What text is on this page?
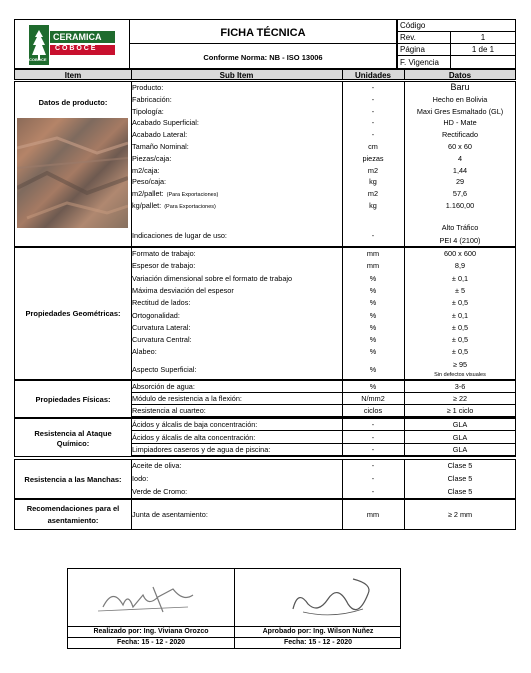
CERAMICA
C O B O C E
COBOCE
FICHA TÉCNICA
Conforme Norma: NB - ISO 13006
Código
Rev.	1
Página	1 de 1
F. Vigencia
Item	Sub Item	Unidades	Datos
Datos de producto:
Producto:	-	Baru
Fabricación:	-	Hecho en Bolivia
Tipología:	-	Maxi Gres Esmaltado (GL)
Acabado Superficial:	-	HD - Mate
Acabado Lateral:	-	Rectificado
Tamaño Nominal:	cm	60 x 60
Piezas/caja:	piezas	4
m2/caja:	m2	1,44
Peso/caja:	kg	29
m2/pallet: (Para Exportaciones)	m2	57,6
kg/pallet: (Para Exportaciones)	kg	1.160,00
Indicaciones de lugar de uso:	-
Alto Tráfico
PEI 4 (2100)
Propiedades Geométricas:
Formato de trabajo:	mm	600 x 600
Espesor de trabajo:	mm	8,9
Variación dimensional sobre el formato de trabajo	%	± 0,1
Máxima desviación del espesor	%	± 5
Rectitud de lados:	%	± 0,5
Ortogonalidad:	%	± 0,1
Curvatura Lateral:	%	± 0,5
Curvatura Central:	%	± 0,5
Alabeo:	%	± 0,5
Aspecto Superficial:	%
≥ 95
Sin defectos visuales
Propiedades Físicas:
Absorción de agua:	%	3-6
Módulo de resistencia a la flexión:	N/mm2	≥ 22
Resistencia al cuarteo:	ciclos	≥ 1 ciclo
Resistencia al Ataque
Químico:
Ácidos y álcalis de baja concentración:	-	GLA
Ácidos y álcalis de alta concentración:	-	GLA
Limpiadores caseros y de agua de piscina:	-	GLA
Resistencia a las Manchas:
Aceite de oliva:	-	Clase 5
Iodo:	-	Clase 5
Verde de Cromo:	-	Clase 5
Recomendaciones para el
asentamiento:
Junta de asentamiento:	mm	≥ 2 mm
Realizado por: Ing. Viviana Orozco	Aprobado por: Ing. Wilson Nuñez
Fecha: 15 - 12 - 2020	Fecha: 15 - 12 - 2020
